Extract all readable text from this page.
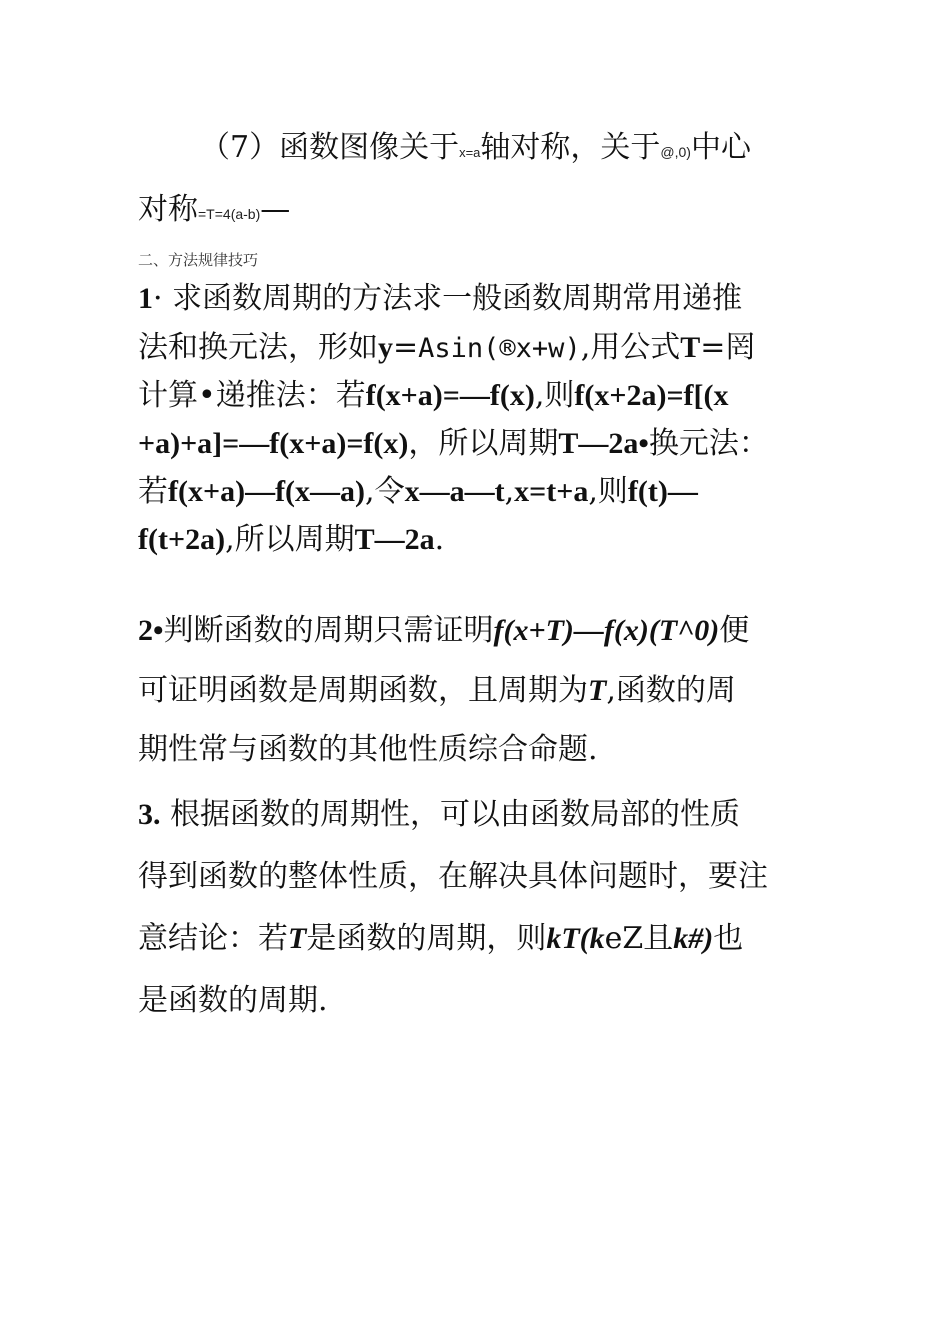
（7）函数图像关于x=a轴对称，关于@,0)中心
对称=T=4(a-b)—
二、方法规律技巧
1· 求函数周期的方法求一般函数周期常用递推
法和换元法，形如y=Asin(®x+w),用公式T=罔
计算•递推法：若f(x+a)=—f(x),则f(x+2a)=f[(x
+a)+a]=—f(x+a)=f(x)，所以周期T—2a•换元法：
若f(x+a)—f(x—a),令x—a—t,x=t+a,则f(t)—
f(t+2a),所以周期T—2a.
2•判断函数的周期只需证明f(x+T)—f(x)(T^0)便
可证明函数是周期函数，且周期为T,函数的周
期性常与函数的其他性质综合命题.
3. 根据函数的周期性，可以由函数局部的性质
得到函数的整体性质，在解决具体问题时，要注
意结论：若T是函数的周期，则kT(keZ且k#)也
是函数的周期.
